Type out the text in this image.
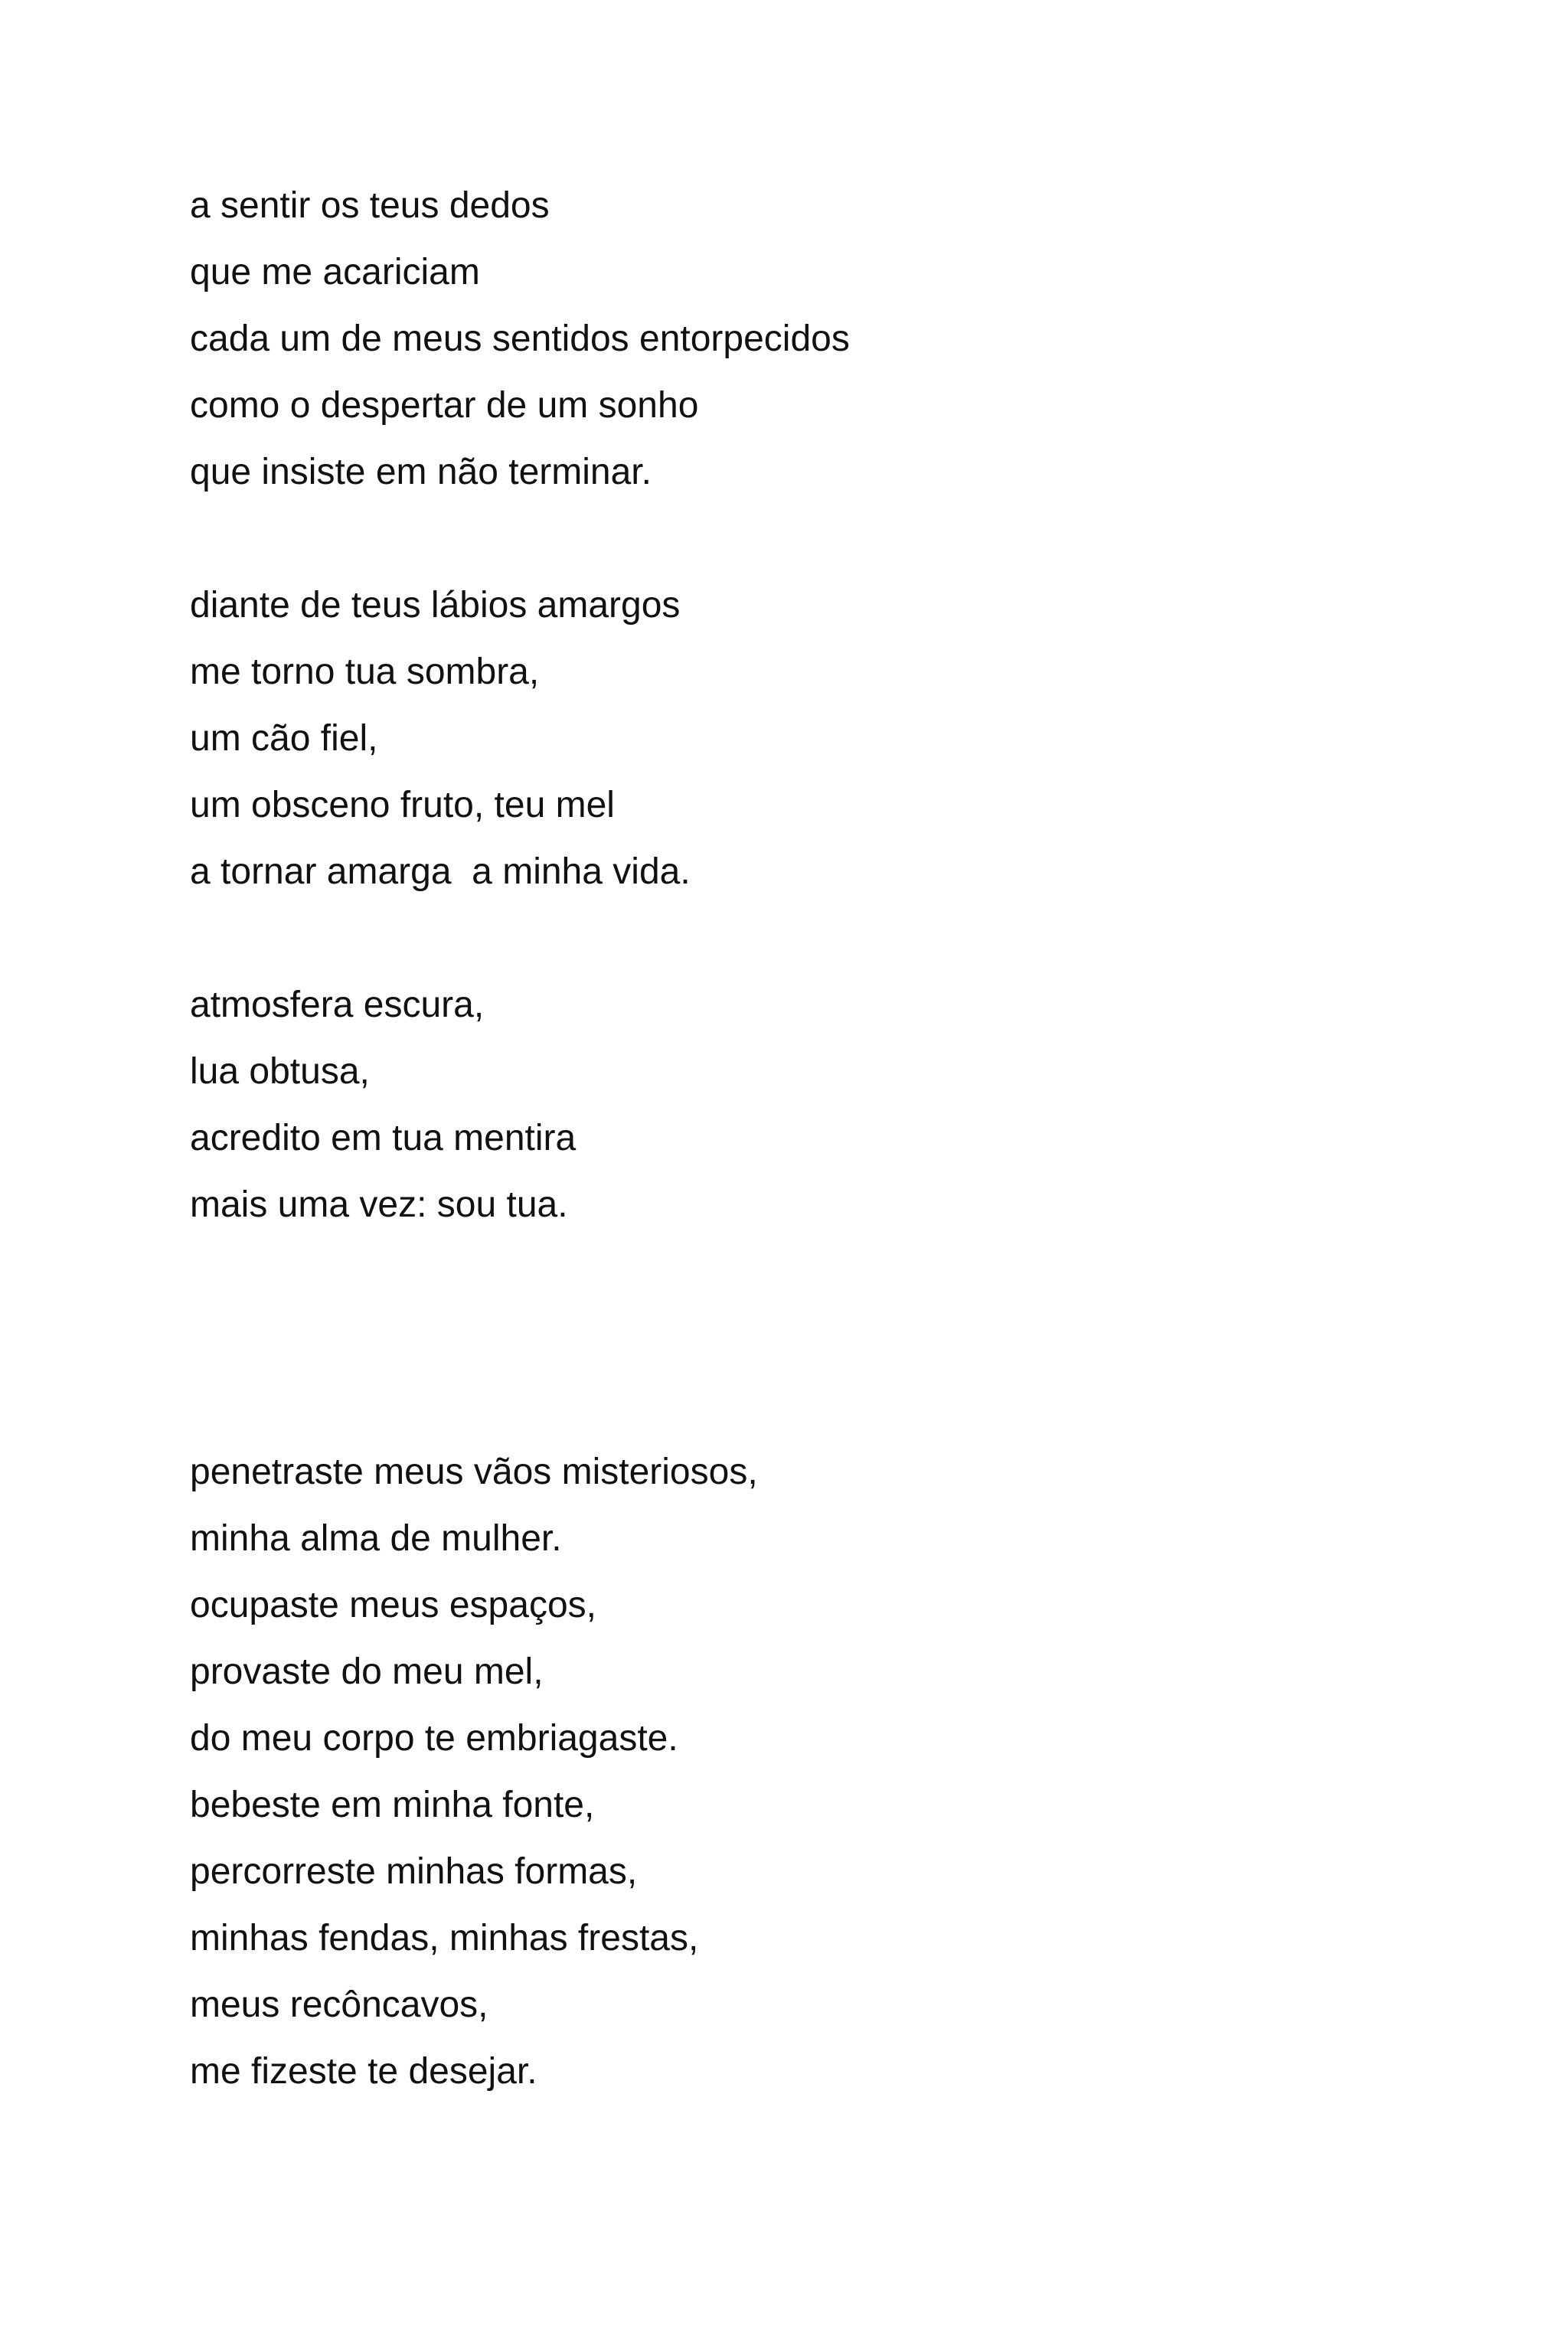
a sentir os teus dedos
que me acariciam
cada um de meus sentidos entorpecidos
como o despertar de um sonho
que insiste em não terminar.
diante de teus lábios amargos
me torno tua sombra,
um cão fiel,
um obsceno fruto, teu mel
a tornar amarga  a minha vida.
atmosfera escura,
lua obtusa,
acredito em tua mentira
mais uma vez: sou tua.
penetraste meus vãos misteriosos,
minha alma de mulher.
ocupaste meus espaços,
provaste do meu mel,
do meu corpo te embriagaste.
bebeste em minha fonte,
percorreste minhas formas,
minhas fendas, minhas frestas,
meus recôncavos,
me fizeste te desejar.
